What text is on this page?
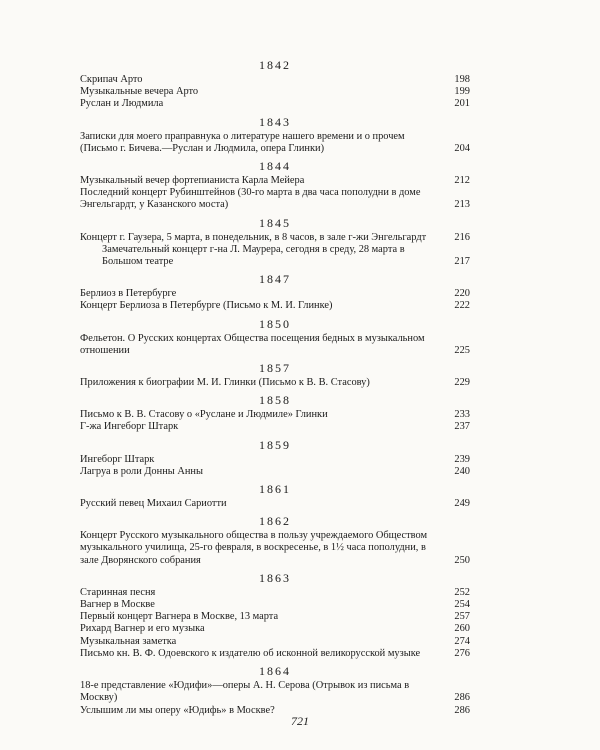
1842
Скрипач Арто	198
Музыкальные вечера Арто	199
Руслан и Людмила	201
1843
Записки для моего праправнука о литературе нашего времени и о прочем (Письмо г. Бичева.—Руслан и Людмила, опера Глинки)	204
1844
Музыкальный вечер фортепианиста Карла Мейера	212
Последний концерт Рубинштейнов (30-го марта в два часа пополудни в доме Энгельгардт, у Казанского моста)	213
1845
Концерт г. Гаузера, 5 марта, в понедельник, в 8 часов, в зале г-жи Энгельгардт	216
Замечательный концерт г-на Л. Маурера, сегодня в среду, 28 марта в Большом театре	217
1847
Берлиоз в Петербурге	220
Концерт Берлиоза в Петербурге (Письмо к М. И. Глинке)	222
1850
Фельетон. О Русских концертах Общества посещения бедных в музыкальном отношении	225
1857
Приложения к биографии М. И. Глинки (Письмо к В. В. Стасову)	229
1858
Письмо к В. В. Стасову о «Руслане и Людмиле» Глинки	233
Г-жа Ингеборг Штарк	237
1859
Ингеборг Штарк	239
Лагруа в роли Донны Анны	240
1861
Русский певец Михаил Сариотти	249
1862
Концерт Русского музыкального общества в пользу учреждаемого Обществом музыкального училища, 25-го февраля, в воскресенье, в 1½ часа пополудни, в зале Дворянского собрания	250
1863
Старинная песня	252
Вагнер в Москве	254
Первый концерт Вагнера в Москве, 13 марта	257
Рихард Вагнер и его музыка	260
Музыкальная заметка	274
Письмо кн. В. Ф. Одоевского к издателю об исконной великорусской музыке	276
1864
18-е представление «Юдифи»—оперы А. Н. Серова (Отрывок из письма в Москву)	286
Услышим ли мы оперу «Юдифь» в Москве?	286
721
